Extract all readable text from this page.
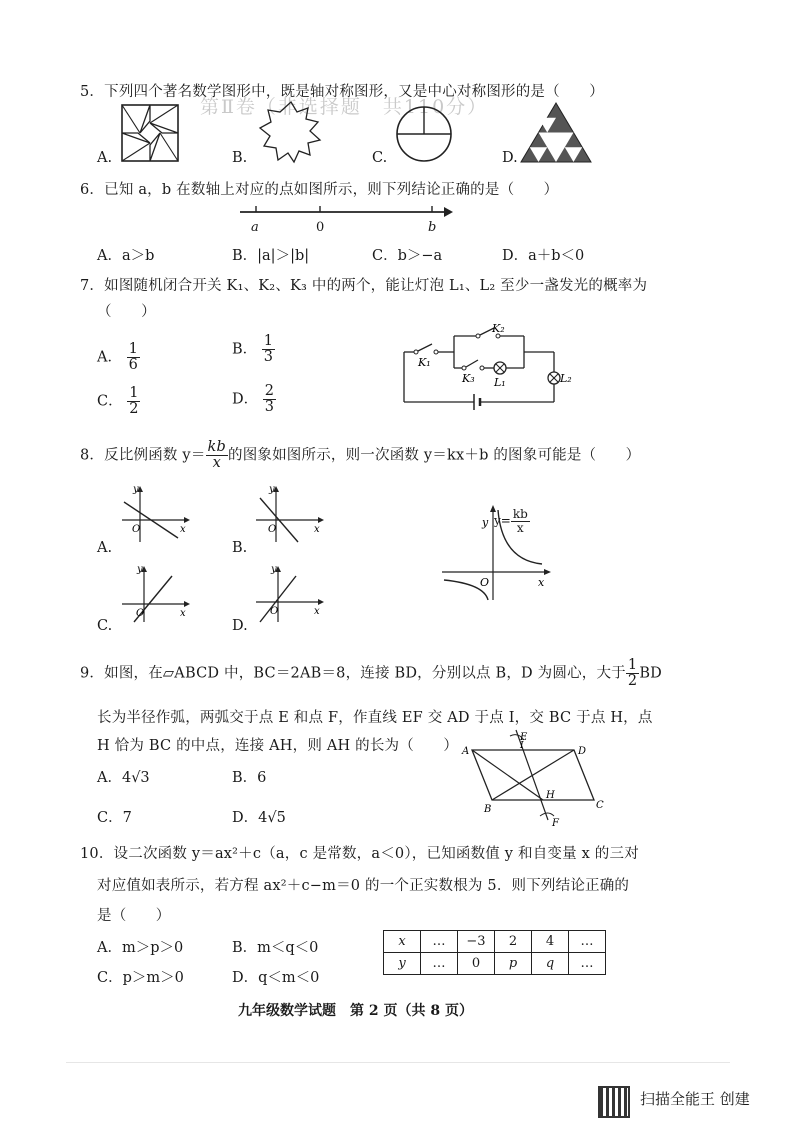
第Ⅱ卷（非选择题　共110分）
5．下列四个著名数学图形中，既是轴对称图形，又是中心对称图形的是（　　）
A.	B.	C.	D.
6．已知 a，b 在数轴上对应的点如图所示，则下列结论正确的是（　　）
a	0	b
A．a＞b	B．|a|＞|b|	C．b＞−a	D．a＋b＜0
7．如图随机闭合开关 K₁、K₂、K₃ 中的两个，能让灯泡 L₁、L₂ 至少一盏发光的概率为
（　　）
A． $\frac{1}{6}$	B． $\frac{1}{3}$
C． $\frac{1}{2}$	D． $\frac{2}{3}$
K₁
K₂
K₃ L₁	L₂
8．反比例函数 $y= \frac{kb}{x}$ 的图象如图所示，则一次函数 y＝kx＋b 的图象可能是（　　）
A.
y
x
O
B.
y
x
O
C.
y
x
O
D.
y
x
O
y
x
O
$y= \frac{kb}{x}$
9．如图，在▱ABCD 中，BC＝2AB＝8，连接 BD，分别以点 B，D 为圆心，大于 $\frac{1}{2}$ BD
长为半径作弧，两弧交于点 E 和点 F，作直线 EF 交 AD 于点 I，交 BC 于点 H，点
H 恰为 BC 的中点，连接 AH，则 AH 的长为（　　）
A．4√3	B．6
C．7	D．4√5
A	D
B	C
E
I
H
F
10．设二次函数 y＝ax²＋c（a，c 是常数，a＜0），已知函数值 y 和自变量 x 的三对
对应值如表所示，若方程 ax²＋c−m＝0 的一个正实数根为 5．则下列结论正确的
是（　　）
A．m＞p＞0	B．m＜q＜0
C．p＞m＞0	D．q＜m＜0
x	…	−3	2	4	…
y	…	0	p	q	…
九年级数学试题　第 2 页（共 8 页）
扫描全能王 创建
